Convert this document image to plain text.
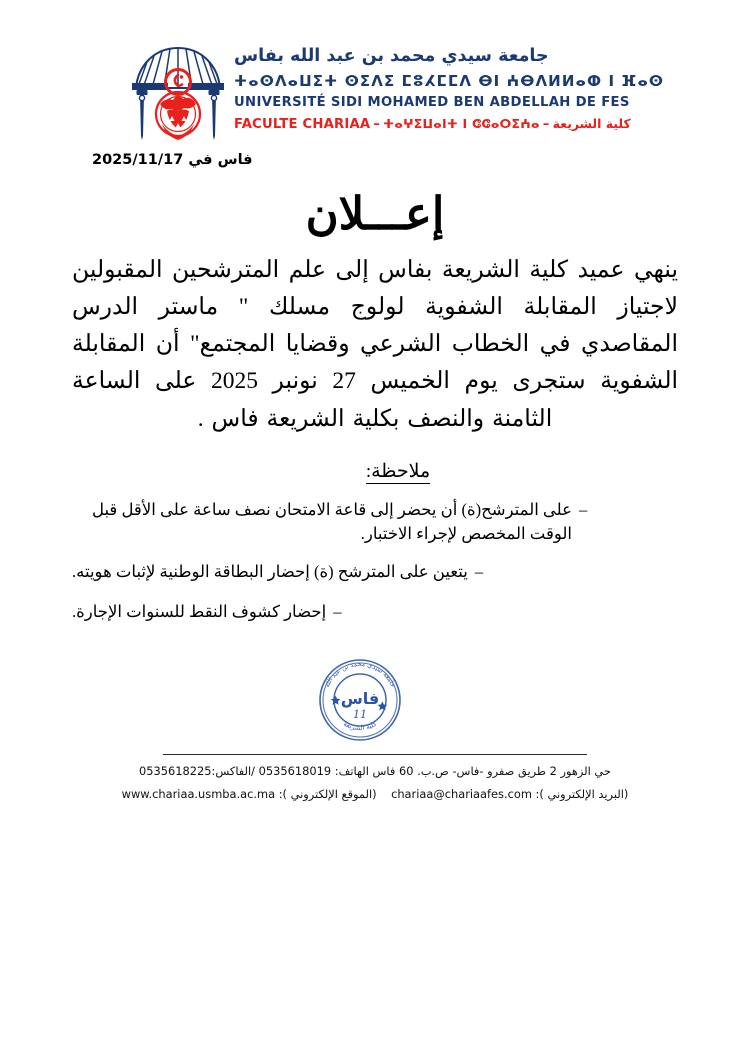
جامعة سيدي محمد بن عبد الله بفاس
ⵜⴰⵙⴷⴰⵡⵉⵜ ⵙⵉⴷⵉ ⵎⵓⵃⵎⵎⴷ ⴱⵏ ⵄⴱⴷⵍⵍⴰⵀ ⵏ ⴼⴰⵙ
UNIVERSITÉ SIDI MOHAMED BEN ABDELLAH DE FES
FACULTE CHARIAA – ⵜⴰⵖⵉⵡⴰⵏⵜ ⵏ ⵛⵛⴰⵔⵉⵄⴰ – كلية الشريعة
فاس في 2025/11/17
إعـــلان
ينهي عميد كلية الشريعة بفاس إلى علم المترشحين المقبولين لاجتياز المقابلة الشفوية لولوج مسلك " ماستر الدرس المقاصدي في الخطاب الشرعي وقضايا المجتمع" أن المقابلة الشفوية ستجرى يوم الخميس 27 نونبر 2025 على الساعة الثامنة والنصف بكلية الشريعة فاس .
ملاحظة:
–
على المترشح(ة) أن يحضر إلى قاعة الامتحان نصف ساعة على الأقل قبل الوقت المخصص لإجراء الاختبار.
–
يتعين على المترشح (ة) إحضار البطاقة الوطنية لإثبات هويته.
–
إحضار كشوف النقط للسنوات الإجارة.
جامعة سيدي محمد بن عبد الله
كلية الشريعة
فاس
11
حي الزهور 2 طريق صفرو -فاس- ص.ب. 60 فاس الهاتف: 0535618019 /الفاكس:0535618225
(البريد الإلكتروني ): chariaa@chariaafes.com    (الموقع الإلكتروني ): www.chariaa.usmba.ac.ma
